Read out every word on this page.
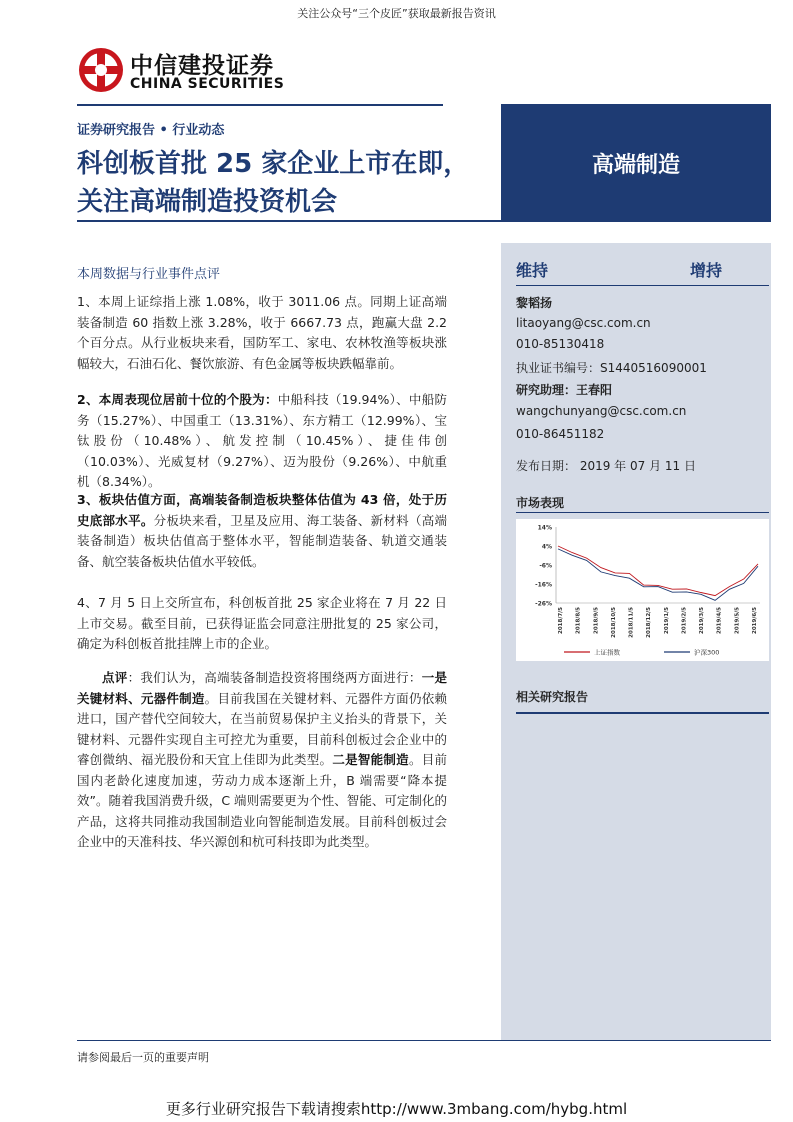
关注公众号“三个皮匠”获取最新报告资讯
中信建投证券
CHINA SECURITIES
证券研究报告 • 行业动态
科创板首批 25 家企业上市在即，关注高端制造投资机会
高端制造
维持	增持
黎韬扬
litaoyang@csc.com.cn
010-85130418
执业证书编号：S1440516090001
研究助理：王春阳
wangchunyang@csc.com.cn
010-86451182
发布日期： 2019 年 07 月 11 日
市场表现
14%
4%
-6%
-16%
-26%
2018/7/5 2018/8/5 2018/9/5 2018/10/5 2018/11/5 2018/12/5 2019/1/5 2019/2/5 2019/3/5 2019/4/5 2019/5/5 2019/6/5
上证指数	沪深300
相关研究报告
本周数据与行业事件点评
1、本周上证综指上涨 1.08%，收于 3011.06 点。同期上证高端装备制造 60 指数上涨 3.28%，收于 6667.73 点，跑赢大盘 2.2 个百分点。从行业板块来看，国防军工、家电、农林牧渔等板块涨幅较大，石油石化、餐饮旅游、有色金属等板块跌幅靠前。
2、本周表现位居前十位的个股为：中船科技（19.94%）、中船防务（15.27%）、中国重工（13.31%）、东方精工（12.99%）、宝钛股份（10.48%）、航发控制（10.45%）、捷佳伟创（10.03%）、光威复材（9.27%）、迈为股份（9.26%）、中航重机（8.34%）。
3、板块估值方面，高端装备制造板块整体估值为 43 倍，处于历史底部水平。分板块来看，卫星及应用、海工装备、新材料（高端装备制造）板块估值高于整体水平，智能制造装备、轨道交通装备、航空装备板块估值水平较低。
4、7 月 5 日上交所宣布，科创板首批 25 家企业将在 7 月 22 日上市交易。截至目前，已获得证监会同意注册批复的 25 家公司，确定为科创板首批挂牌上市的企业。
点评：我们认为，高端装备制造投资将围绕两方面进行：一是关键材料、元器件制造。目前我国在关键材料、元器件方面仍依赖进口，国产替代空间较大，在当前贸易保护主义抬头的背景下，关键材料、元器件实现自主可控尤为重要，目前科创板过会企业中的睿创微纳、福光股份和天宜上佳即为此类型。二是智能制造。目前国内老龄化速度加速，劳动力成本逐渐上升，B 端需要“降本提效”。随着我国消费升级，C 端则需要更为个性、智能、可定制化的产品，这将共同推动我国制造业向智能制造发展。目前科创板过会企业中的天准科技、华兴源创和杭可科技即为此类型。
请参阅最后一页的重要声明
更多行业研究报告下载请搜索http://www.3mbang.com/hybg.html
